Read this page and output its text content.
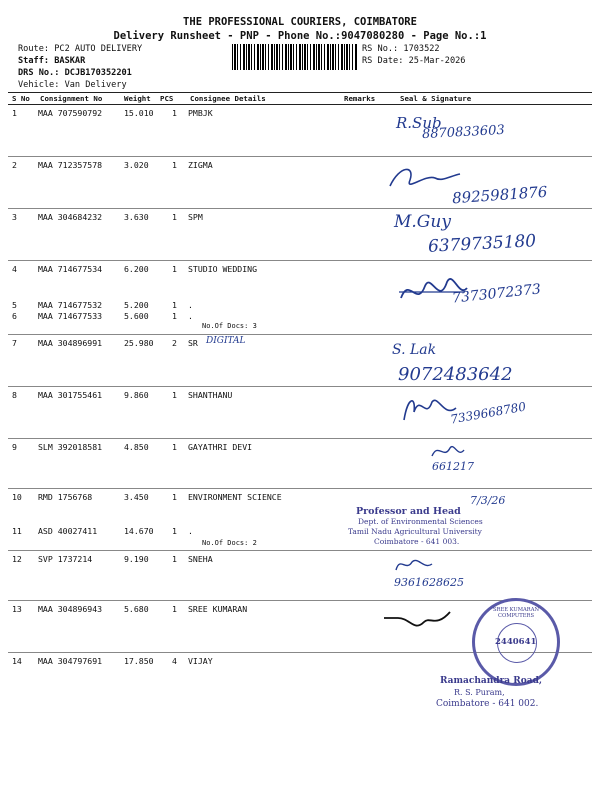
THE PROFESSIONAL COURIERS, COIMBATORE
Delivery Runsheet - PNP - Phone No.:9047080280 - Page No.:1
Route: PC2 AUTO DELIVERY
Staff: BASKAR
DRS No.: DCJB170352201
Vehicle: Van Delivery
RS No.: 1703522
RS Date: 25-Mar-2026
S No Consignment No	Weight PCS Consignee Details	Remarks	Seal & Signature
1	MAA 707590792	15.010 1 PMBJK
2	MAA 712357578	3.020	1 ZIGMA
3	MAA 304684232	3.630	1 SPM
4	MAA 714677534	6.200	1 STUDIO WEDDING
5	MAA 714677532	5.200	1 .
6	MAA 714677533	5.600	1 .
No.Of Docs: 3
7	MAA 304896991	25.980 2 SR
8	MAA 301755461	9.860	1 SHANTHANU
9	SLM 392018581	4.850	1 GAYATHRI DEVI
10 RMD 1756768	3.450	1 ENVIRONMENT SCIENCE
11 ASD 40027411	14.670 1 .
No.Of Docs: 2
12 SVP 1737214	9.190	1 SNEHA
13 MAA 304896943	5.680	1 SREE KUMARAN
14 MAA 304797691	17.850 4 VIJAY
R.Sub
8870833603
8925981876
M.Guy
6379735180
7373072373
DIGITAL
S. Lak
9072483642
7339668780
661217
7/3/26
Professor and Head
Dept. of Environmental Sciences
Tamil Nadu Agricultural University
Coimbatore - 641 003.
9361628625
SREE KUMARAN COMPUTERS
2440641
Ramachandra Road,
R. S. Puram,
Coimbatore - 641 002.
